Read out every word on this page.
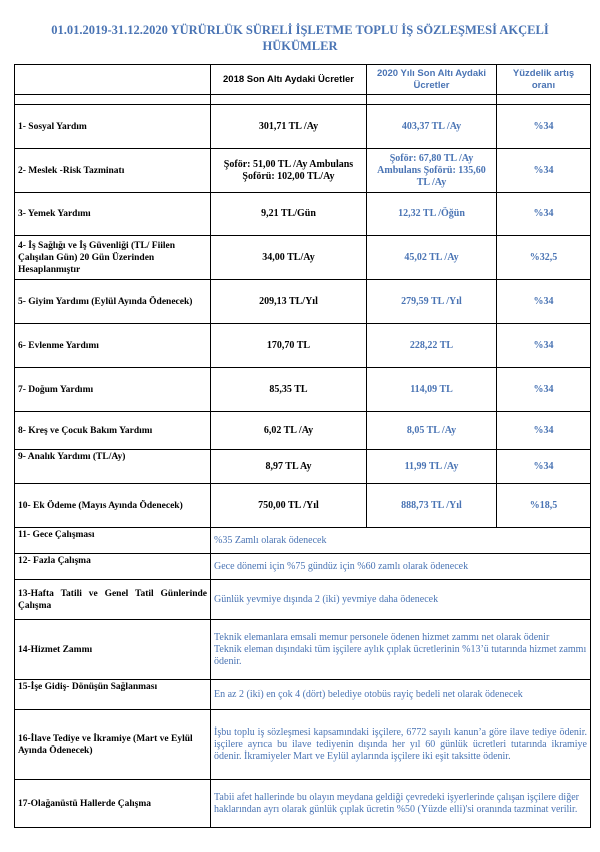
01.01.2019-31.12.2020 YÜRÜRLÜK SÜRELİ İŞLETME TOPLU İŞ SÖZLEŞMESİ AKÇELİ
HÜKÜMLER
	2018 Son Altı Aydaki Ücretler	2020 Yılı Son Altı Aydaki Ücretler	Yüzdelik artış oranı

1- Sosyal Yardım	301,71 TL /Ay	403,37 TL /Ay	%34
2- Meslek -Risk Tazminatı	Şoför: 51,00 TL /Ay Ambulans Şoförü: 102,00 TL/Ay	Şoför: 67,80 TL /Ay Ambulans Şoförü: 135,60 TL /Ay	%34
3- Yemek Yardımı	9,21 TL/Gün	12,32 TL /Öğün	%34
4- İş Sağlığı ve İş Güvenliği (TL/ Fiilen Çalışılan Gün) 20 Gün Üzerinden Hesaplanmıştır	34,00 TL/Ay	45,02 TL /Ay	%32,5
5- Giyim Yardımı (Eylül Ayında Ödenecek)	209,13 TL/Yıl	279,59 TL /Yıl	%34
6- Evlenme Yardımı	170,70 TL	228,22 TL	%34
7- Doğum Yardımı	85,35 TL	114,09 TL	%34
8- Kreş ve Çocuk Bakım Yardımı	6,02 TL /Ay	8,05 TL /Ay	%34
9- Analık Yardımı (TL/Ay)	8,97 TL Ay	11,99 TL /Ay	%34
10- Ek Ödeme (Mayıs Ayında Ödenecek)	750,00 TL /Yıl	888,73 TL /Yıl	%18,5
11- Gece Çalışması	%35 Zamlı olarak ödenecek		
12- Fazla Çalışma	Gece dönemi için %75 gündüz için %60 zamlı olarak ödenecek		
13-Hafta Tatili ve Genel Tatil Günlerinde Çalışma	Günlük yevmiye dışında 2 (iki) yevmiye daha ödenecek		
14-Hizmet Zammı	Teknik elemanlara emsali memur personele ödenen hizmet zammı net olarak ödenir
Teknik eleman dışındaki tüm işçilere aylık çıplak ücretlerinin %13’ü tutarında hizmet zammı ödenir.		

15-İşe Gidiş- Dönüşün Sağlanması	En az 2 (iki) en çok 4 (dört) belediye otobüs rayiç bedeli net olarak ödenecek		
16-İlave Tediye ve İkramiye (Mart ve Eylül Ayında Ödenecek)	İşbu toplu iş sözleşmesi kapsamındaki işçilere, 6772 sayılı kanun’a göre ilave tediye ödenir. işçilere ayrıca bu ilave tediyenin dışında her yıl 60 günlük ücretleri tutarında ikramiye ödenir. İkramiyeler Mart ve Eylül aylarında işçilere iki eşit taksitte ödenir.		
17-Olağanüstü Hallerde Çalışma	Tabii afet hallerinde bu olayın meydana geldiği çevredeki işyerlerinde çalışan işçilere diğer haklarından ayrı olarak günlük çıplak ücretin %50 (Yüzde elli)'si oranında tazminat verilir.		
